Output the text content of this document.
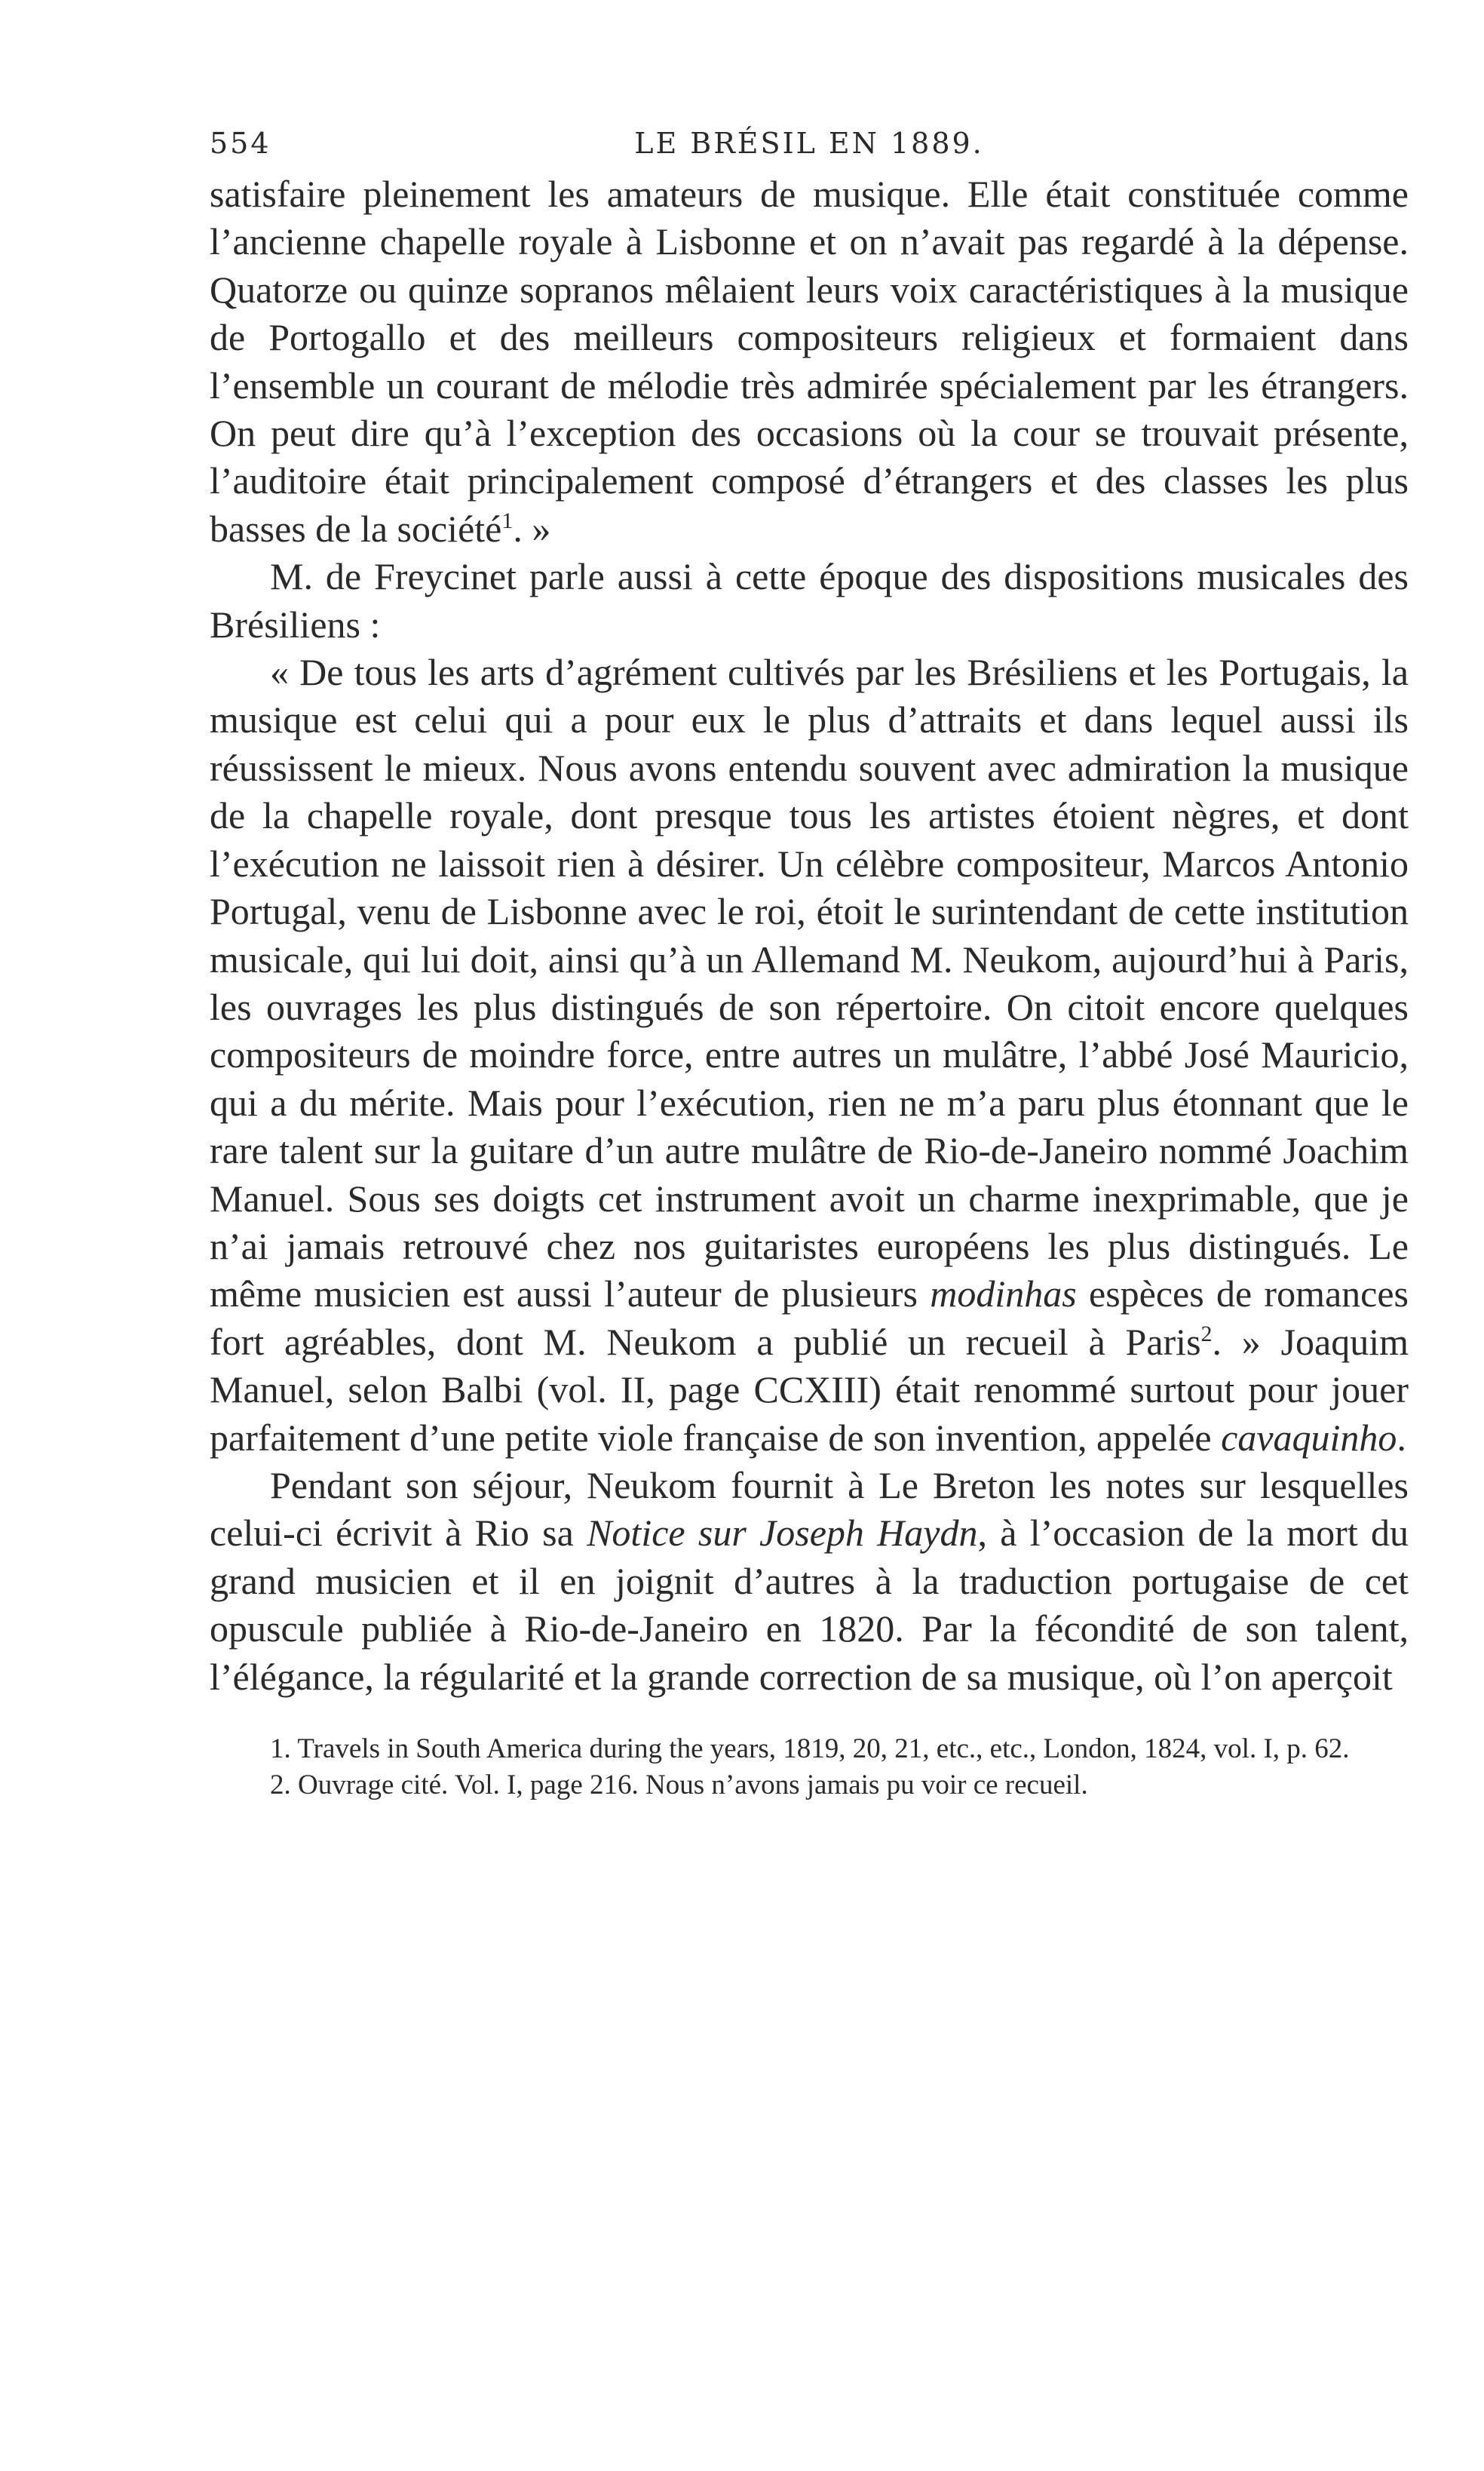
554	LE BRÉSIL EN 1889.

satisfaire pleinement les amateurs de musique. Elle était constituée comme l’ancienne chapelle royale à Lisbonne et on n’avait pas regardé à la dépense. Quatorze ou quinze sopranos mêlaient leurs voix caractéristiques à la musique de Portogallo et des meilleurs compositeurs religieux et formaient dans l’ensemble un courant de mélodie très admirée spécialement par les étrangers. On peut dire qu’à l’exception des occasions où la cour se trouvait présente, l’auditoire était principalement composé d’étrangers et des classes les plus basses de la société$^1$. »

M. de Freycinet parle aussi à cette époque des dispositions musicales des Brésiliens :

« De tous les arts d’agrément cultivés par les Brésiliens et les Portugais, la musique est celui qui a pour eux le plus d’attraits et dans lequel aussi ils réussissent le mieux. Nous avons entendu souvent avec admiration la musique de la chapelle royale, dont presque tous les artistes étoient nègres, et dont l’exécution ne laissoit rien à désirer. Un célèbre compositeur, Marcos Antonio Portugal, venu de Lisbonne avec le roi, étoit le surintendant de cette institution musicale, qui lui doit, ainsi qu’à un Allemand M. Neukom, aujourd’hui à Paris, les ouvrages les plus distingués de son répertoire. On citoit encore quelques compositeurs de moindre force, entre autres un mulâtre, l’abbé José Mauricio, qui a du mérite. Mais pour l’exécution, rien ne m’a paru plus étonnant que le rare talent sur la guitare d’un autre mulâtre de Rio-de-Janeiro nommé Joachim Manuel. Sous ses doigts cet instrument avoit un charme inexprimable, que je n’ai jamais retrouvé chez nos guitaristes européens les plus distingués. Le même musicien est aussi l’auteur de plusieurs modinhas espèces de romances fort agréables, dont M. Neukom a publié un recueil à Paris$^2$. » Joaquim Manuel, selon Balbi (vol. II, page CCXIII) était renommé surtout pour jouer parfaitement d’une petite viole française de son invention, appelée cavaquinho.

Pendant son séjour, Neukom fournit à Le Breton les notes sur lesquelles celui-ci écrivit à Rio sa Notice sur Joseph Haydn, à l’occasion de la mort du grand musicien et il en joignit d’autres à la traduction portugaise de cet opuscule publiée à Rio-de-Janeiro en 1820. Par la fécondité de son talent, l’élégance, la régularité et la grande correction de sa musique, où l’on aperçoit

1. Travels in South America during the years, 1819, 20, 21, etc., etc., London, 1824, vol. I, p. 62.

2. Ouvrage cité. Vol. I, page 216. Nous n’avons jamais pu voir ce recueil.
